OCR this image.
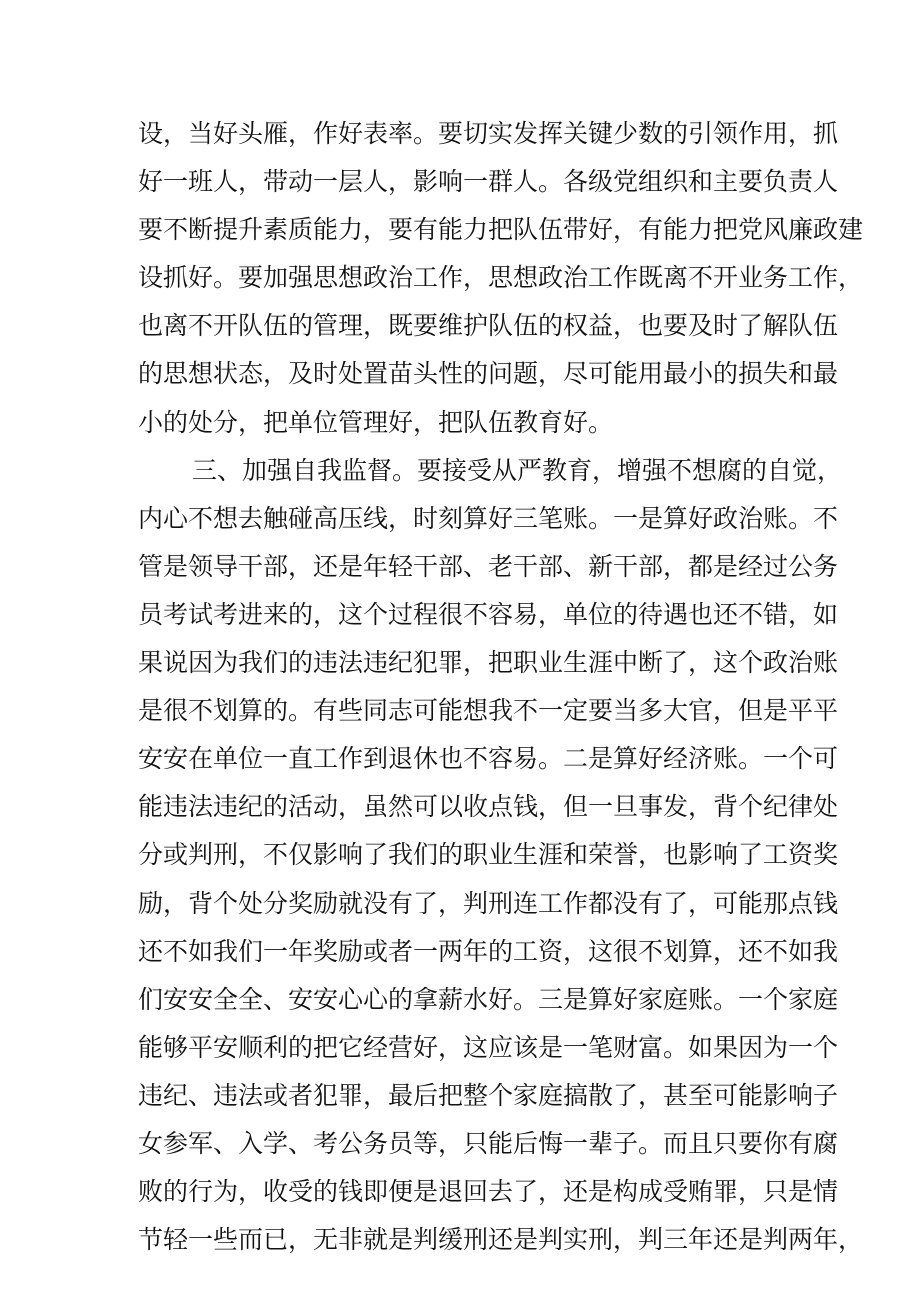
设，当好头雁，作好表率。要切实发挥关键少数的引领作用，抓
好一班人，带动一层人，影响一群人。各级党组织和主要负责人
要不断提升素质能力，要有能力把队伍带好，有能力把党风廉政建
设抓好。要加强思想政治工作，思想政治工作既离不开业务工作，
也离不开队伍的管理，既要维护队伍的权益，也要及时了解队伍
的思想状态，及时处置苗头性的问题，尽可能用最小的损失和最
小的处分，把单位管理好，把队伍教育好。
三、加强自我监督。要接受从严教育，增强不想腐的自觉，
内心不想去触碰高压线，时刻算好三笔账。一是算好政治账。不
管是领导干部，还是年轻干部、老干部、新干部，都是经过公务
员考试考进来的，这个过程很不容易，单位的待遇也还不错，如
果说因为我们的违法违纪犯罪，把职业生涯中断了，这个政治账
是很不划算的。有些同志可能想我不一定要当多大官，但是平平
安安在单位一直工作到退休也不容易。二是算好经济账。一个可
能违法违纪的活动，虽然可以收点钱，但一旦事发，背个纪律处
分或判刑，不仅影响了我们的职业生涯和荣誉，也影响了工资奖
励，背个处分奖励就没有了，判刑连工作都没有了，可能那点钱
还不如我们一年奖励或者一两年的工资，这很不划算，还不如我
们安安全全、安安心心的拿薪水好。三是算好家庭账。一个家庭
能够平安顺利的把它经营好，这应该是一笔财富。如果因为一个
违纪、违法或者犯罪，最后把整个家庭搞散了，甚至可能影响子
女参军、入学、考公务员等，只能后悔一辈子。而且只要你有腐
败的行为，收受的钱即便是退回去了，还是构成受贿罪，只是情
节轻一些而已，无非就是判缓刑还是判实刑，判三年还是判两年，
